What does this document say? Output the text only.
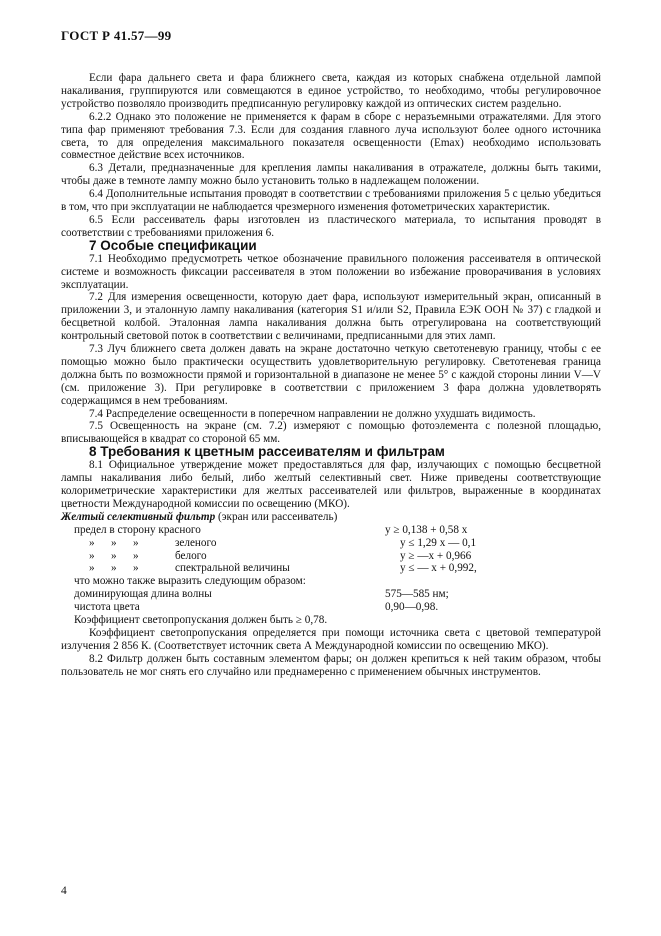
ГОСТ Р 41.57—99

Если фара дальнего света и фара ближнего света, каждая из которых снабжена отдельной лампой накаливания, группируются или совмещаются в единое устройство, то необходимо, чтобы регулировочное устройство позволяло производить предписанную регулировку каждой из оптических систем раздельно.

6.2.2 Однако это положение не применяется к фарам в сборе с неразъемными отражателями. Для этого типа фар применяют требования 7.3. Если для создания главного луча используют более одного источника света, то для определения максимального показателя освещенности (Emax) необходимо использовать совместное действие всех источников.

6.3 Детали, предназначенные для крепления лампы накаливания в отражателе, должны быть такими, чтобы даже в темноте лампу можно было установить только в надлежащем положении.

6.4 Дополнительные испытания проводят в соответствии с требованиями приложения 5 с целью убедиться в том, что при эксплуатации не наблюдается чрезмерного изменения фотометрических характеристик.

6.5 Если рассеиватель фары изготовлен из пластического материала, то испытания проводят в соответствии с требованиями приложения 6.

7 Особые спецификации

7.1 Необходимо предусмотреть четкое обозначение правильного положения рассеивателя в оптической системе и возможность фиксации рассеивателя в этом положении во избежание проворачивания в условиях эксплуатации.

7.2 Для измерения освещенности, которую дает фара, используют измерительный экран, описанный в приложении 3, и эталонную лампу накаливания (категория S1 и/или S2, Правила ЕЭК ООН № 37) с гладкой и бесцветной колбой. Эталонная лампа накаливания должна быть отрегулирована на соответствующий контрольный световой поток в соответствии с величинами, предписанными для этих ламп.

7.3 Луч ближнего света должен давать на экране достаточно четкую светотеневую границу, чтобы с ее помощью можно было практически осуществить удовлетворительную регулировку. Светотеневая граница должна быть по возможности прямой и горизонтальной в диапазоне не менее 5° с каждой стороны линии V—V (см. приложение 3). При регулировке в соответствии с приложением 3 фара должна удовлетворять содержащимся в нем требованиям.

7.4 Распределение освещенности в поперечном направлении не должно ухудшать видимость.

7.5 Освещенность на экране (см. 7.2) измеряют с помощью фотоэлемента с полезной площадью, вписывающейся в квадрат со стороной 65 мм.

8 Требования к цветным рассеивателям и фильтрам

8.1 Официальное утверждение может предоставляться для фар, излучающих с помощью бесцветной лампы накаливания либо белый, либо желтый селективный свет. Ниже приведены соответствующие колориметрические характеристики для желтых рассеивателей или фильтров, выраженные в координатах цветности Международной комиссии по освещению (МКО).

Желтый селективный фильтр (экран или рассеиватель)

предел в сторону красного	y ≥ 0,138 + 0,58 x
» » »	зеленого	y ≤ 1,29 x — 0,1
» » »	белого	y ≥ —x + 0,966
» » »	спектральной величины	y ≤ — x + 0,992,

что можно также выразить следующим образом:

доминирующая длина волны	575—585 нм;
чистота цвета	0,90—0,98.

Коэффициент светопропускания должен быть ≥ 0,78.

Коэффициент светопропускания определяется при помощи источника света с цветовой температурой излучения 2 856 К. (Соответствует источник света А Международной комиссии по освещению МКО).

8.2 Фильтр должен быть составным элементом фары; он должен крепиться к ней таким образом, чтобы пользователь не мог снять его случайно или преднамеренно с применением обычных инструментов.

4
